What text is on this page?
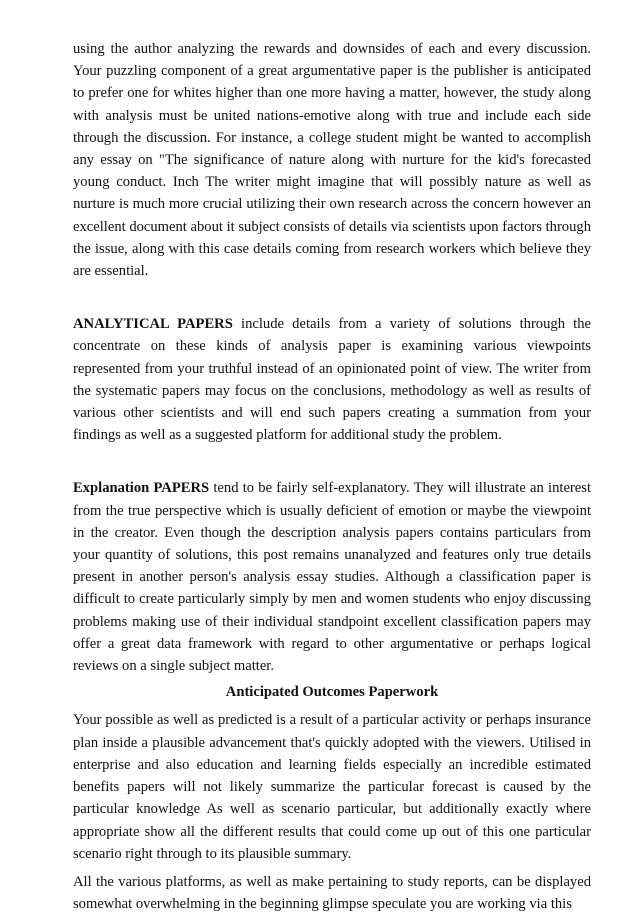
using the author analyzing the rewards and downsides of each and every discussion. Your puzzling component of a great argumentative paper is the publisher is anticipated to prefer one for whites higher than one more having a matter, however, the study along with analysis must be united nations-emotive along with true and include each side through the discussion. For instance, a college student might be wanted to accomplish any essay on "The significance of nature along with nurture for the kid's forecasted young conduct. Inch The writer might imagine that will possibly nature as well as nurture is much more crucial utilizing their own research across the concern however an excellent document about it subject consists of details via scientists upon factors through the issue, along with this case details coming from research workers which believe they are essential.

ANALYTICAL PAPERS include details from a variety of solutions through the concentrate on these kinds of analysis paper is examining various viewpoints represented from your truthful instead of an opinionated point of view. The writer from the systematic papers may focus on the conclusions, methodology as well as results of various other scientists and will end such papers creating a summation from your findings as well as a suggested platform for additional study the problem.

Explanation PAPERS tend to be fairly self-explanatory. They will illustrate an interest from the true perspective which is usually deficient of emotion or maybe the viewpoint in the creator. Even though the description analysis papers contains particulars from your quantity of solutions, this post remains unanalyzed and features only true details present in another person's analysis essay studies. Although a classification paper is difficult to create particularly simply by men and women students who enjoy discussing problems making use of their individual standpoint excellent classification papers may offer a great data framework with regard to other argumentative or perhaps logical reviews on a single subject matter.

Anticipated Outcomes Paperwork

Your possible as well as predicted is a result of a particular activity or perhaps insurance plan inside a plausible advancement that's quickly adopted with the viewers. Utilised in enterprise and also education and learning fields especially an incredible estimated benefits papers will not likely summarize the particular forecast is caused by the particular knowledge As well as scenario particular, but additionally exactly where appropriate show all the different results that could come up out of this one particular scenario right through to its plausible summary.

All the various platforms, as well as make pertaining to study reports, can be displayed somewhat overwhelming in the beginning glimpse speculate you are working via this
